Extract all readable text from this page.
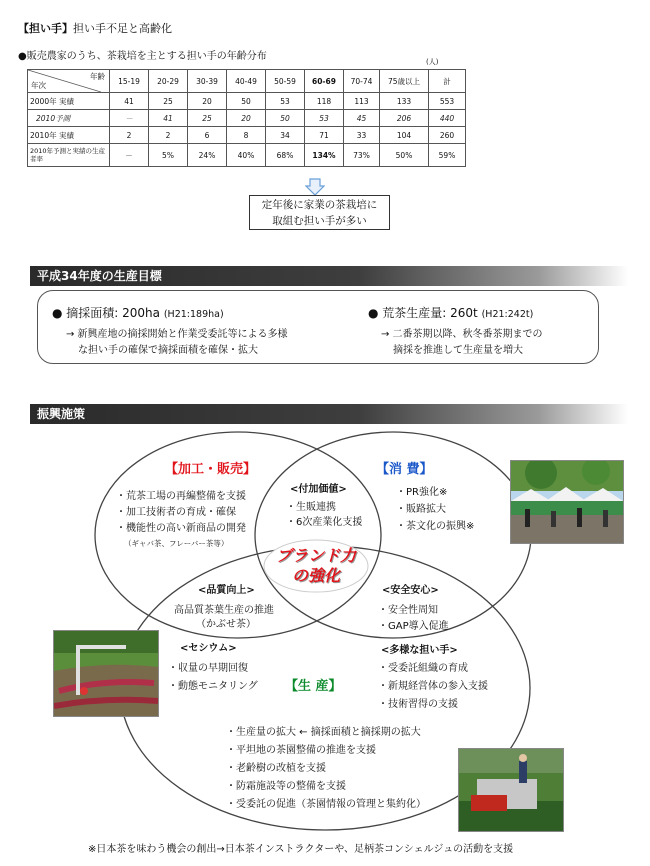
【担い手】担い手不足と高齢化
●販売農家のうち、茶栽培を主とする担い手の年齢分布	(人)
年齢
年次	15-19	20-29	30-39	40-49	50-59	60-69	70-74	75歳以上	計
2000年 実績	41	25	20	50	53	118	113	133	553
2010予測	－	41	25	20	50	53	45	206	440
2010年 実績	2	2	6	8	34	71	33	104	260
2010年予測と実績の生産者率	－	5%	24%	40%	68%	134%	73%	50%	59%
定年後に家業の茶栽培に
取組む担い手が多い
平成34年度の生産目標
● 摘採面積: 200ha (H21:189ha)
→ 新興産地の摘採開始と作業受委託等による多様
な担い手の確保で摘採面積を確保・拡大
● 荒茶生産量: 260t (H21:242t)
→ 二番茶期以降、秋冬番茶期までの
摘採を推進して生産量を増大
振興施策
【加工・販売】
・荒茶工場の再編整備を支援
・加工技術者の育成・確保
・機能性の高い新商品の開発
（ギャバ茶、フレーバー茶等）
【消 費】
・PR強化※
・販路拡大
・茶文化の振興※
<付加価値>
・生販連携
・6次産業化支援
ブランド力
の強化
<品質向上>
高品質茶葉生産の推進
（かぶせ茶）
<安全安心>
・安全性周知
・GAP導入促進
<セシウム>
・収量の早期回復
・動態モニタリング 【生 産】
<多様な担い手>
・受委託組織の育成
・新規経営体の参入支援
・技術習得の支援
・生産量の拡大 ← 摘採面積と摘採期の拡大
・平坦地の茶園整備の推進を支援
・老齢樹の改植を支援
・防霜施設等の整備を支援
・受委託の促進（茶園情報の管理と集約化）
※日本茶を味わう機会の創出→日本茶インストラクターや、足柄茶コンシェルジュの活動を支援
